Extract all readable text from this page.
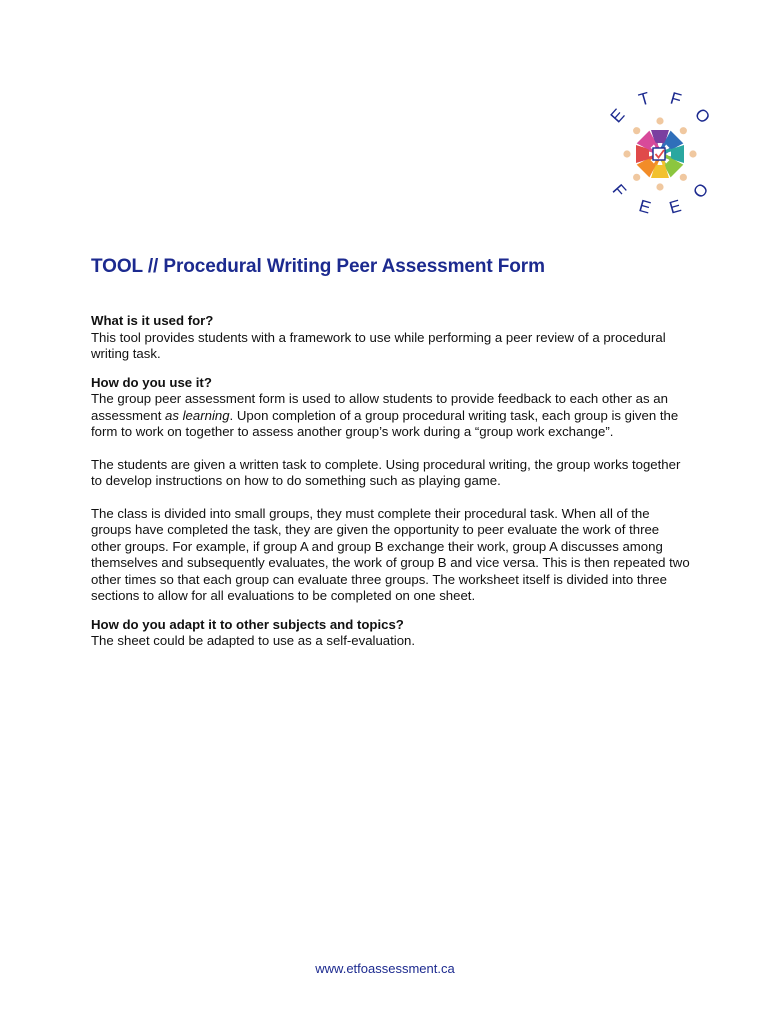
E
T F
O
F
E E
O
TOOL // Procedural Writing Peer Assessment Form

What is it used for?

This tool provides students with a framework to use while performing a peer review of a procedural writing task.

How do you use it?

The group peer assessment form is used to allow students to provide feedback to each other as an assessment as learning. Upon completion of a group procedural writing task, each group is given the form to work on together to assess another group’s work during a “group work exchange”.

The students are given a written task to complete. Using procedural writing, the group works together to develop instructions on how to do something such as playing game.

The class is divided into small groups, they must complete their procedural task. When all of the groups have completed the task, they are given the opportunity to peer evaluate the work of three other groups. For example, if group A and group B exchange their work, group A discusses among themselves and subsequently evaluates, the work of group B and vice versa. This is then repeated two other times so that each group can evaluate three groups. The worksheet itself is divided into three sections to allow for all evaluations to be completed on one sheet.

How do you adapt it to other subjects and topics?

The sheet could be adapted to use as a self-evaluation.

www.etfoassessment.ca
